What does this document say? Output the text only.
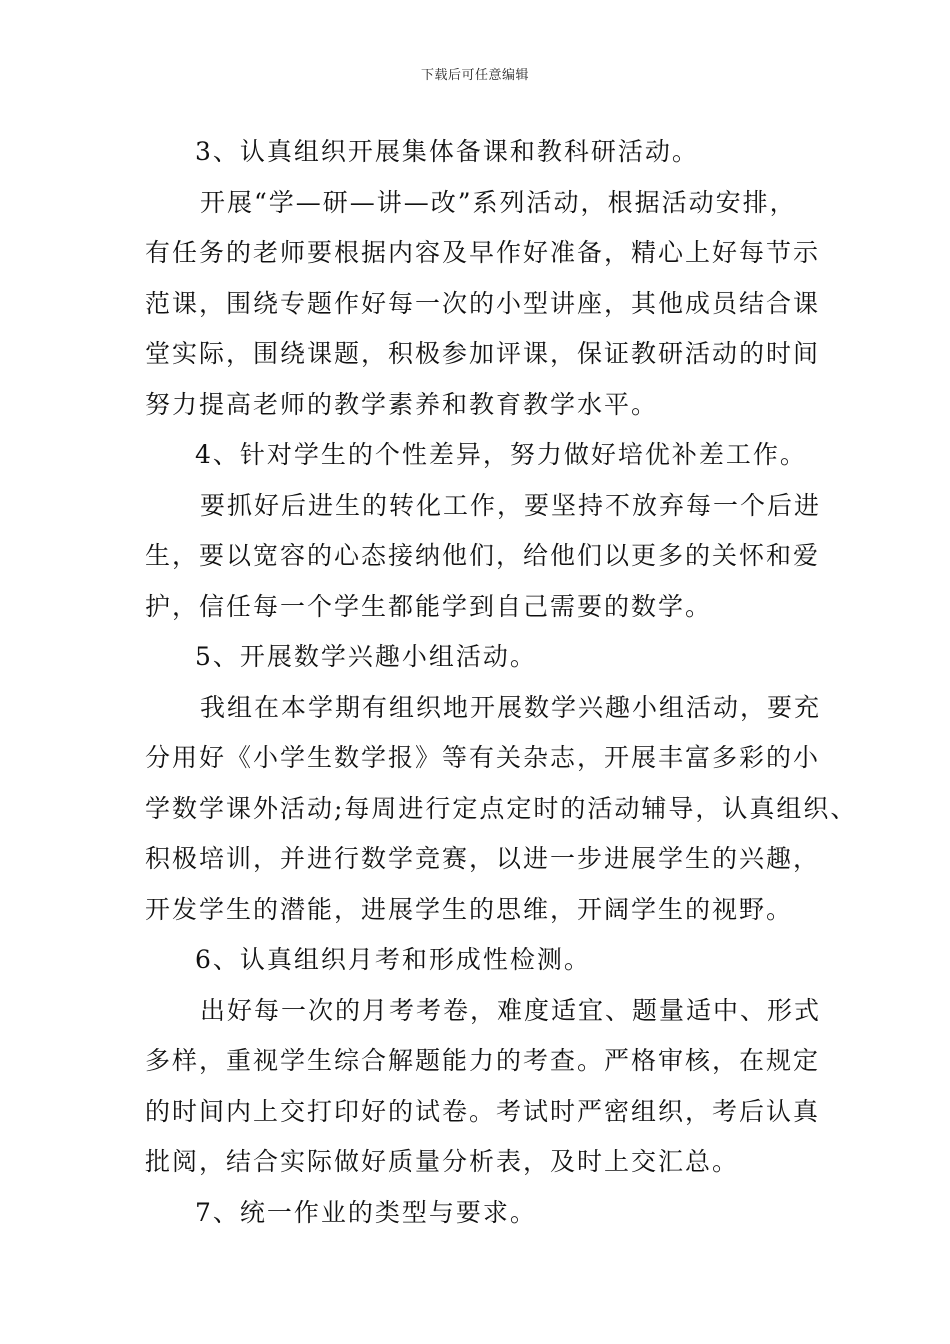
下载后可任意编辑
3、认真组织开展集体备课和教科研活动。
开展“学—研—讲—改”系列活动，根据活动安排，
有任务的老师要根据内容及早作好准备，精心上好每节示
范课，围绕专题作好每一次的小型讲座，其他成员结合课
堂实际，围绕课题，积极参加评课，保证教研活动的时间
努力提高老师的教学素养和教育教学水平。
4、针对学生的个性差异，努力做好培优补差工作。
要抓好后进生的转化工作，要坚持不放弃每一个后进
生，要以宽容的心态接纳他们，给他们以更多的关怀和爱
护，信任每一个学生都能学到自己需要的数学。
5、开展数学兴趣小组活动。
我组在本学期有组织地开展数学兴趣小组活动，要充
分用好《小学生数学报》等有关杂志，开展丰富多彩的小
学数学课外活动;每周进行定点定时的活动辅导，认真组织、
积极培训，并进行数学竞赛，以进一步进展学生的兴趣，
开发学生的潜能，进展学生的思维，开阔学生的视野。
6、认真组织月考和形成性检测。
出好每一次的月考考卷，难度适宜、题量适中、形式
多样，重视学生综合解题能力的考查。严格审核，在规定
的时间内上交打印好的试卷。考试时严密组织，考后认真
批阅，结合实际做好质量分析表，及时上交汇总。
7、统一作业的类型与要求。
